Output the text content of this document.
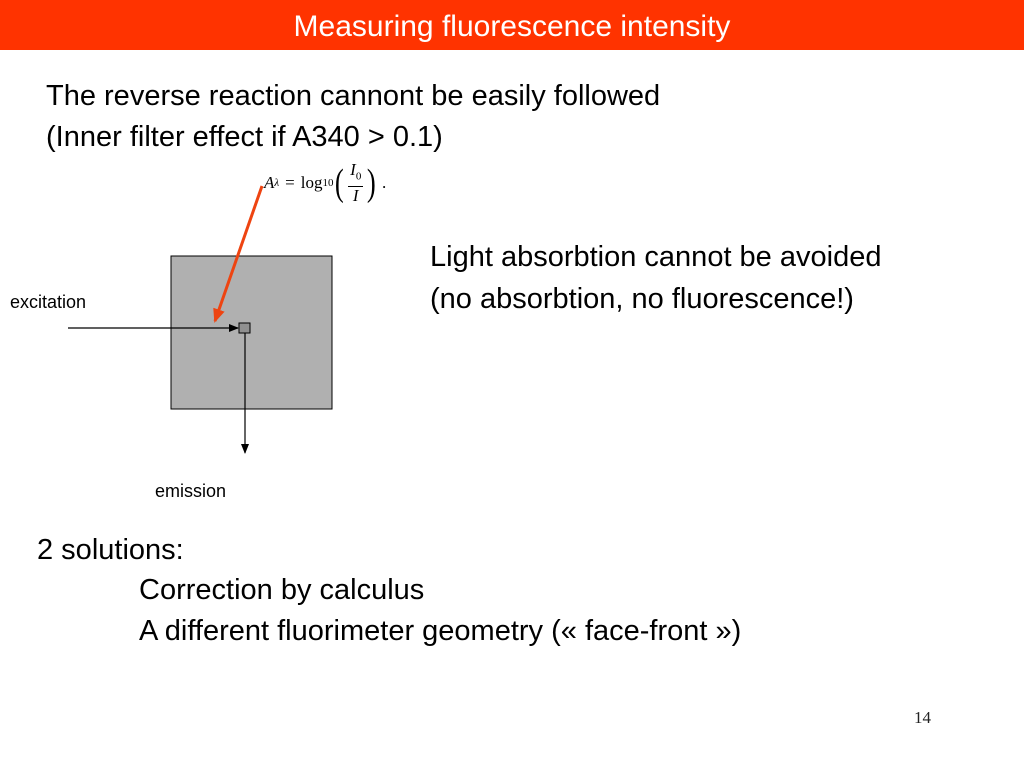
Measuring fluorescence intensity
The reverse reaction cannont be easily followed
(Inner filter effect if A340 > 0.1)
A λ = log 10 ( $\frac{I_0}{I}$ ) .
Light absorbtion cannot be avoided
(no absorbtion, no fluorescence!)
excitation
emission
2 solutions:
Correction by calculus
A different fluorimeter geometry (« face-front »)
14
